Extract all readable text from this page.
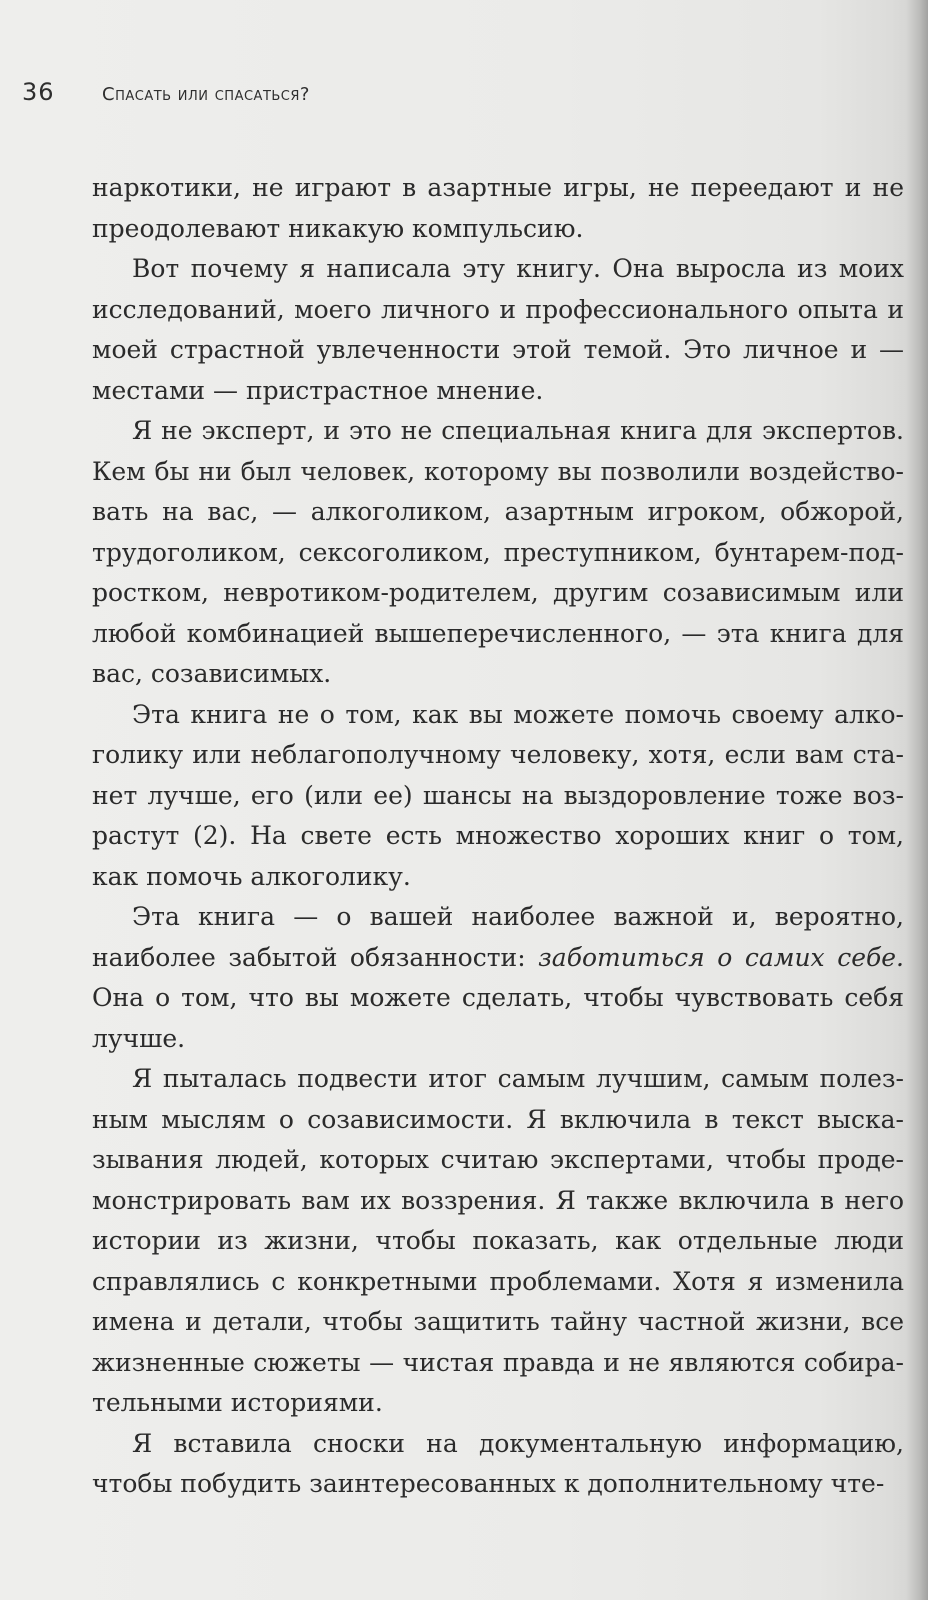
36	Спасать или спасаться?

наркотики, не играют в азартные игры, не переедают и не преодолевают никакую компульсию.

Вот почему я написала эту книгу. Она выросла из моих исследований, моего личного и профессионального опыта и моей страстной увлеченности этой темой. Это личное и — местами — пристрастное мнение.

Я не эксперт, и это не специальная книга для экспертов. Кем бы ни был человек, которому вы позволили воздействовать на вас, — алкоголиком, азартным игроком, обжорой, трудоголиком, сексоголиком, преступником, бунтарем-подростком, невротиком-родителем, другим созависимым или любой комбинацией вышеперечисленного, — эта книга для вас, созависимых.

Эта книга не о том, как вы можете помочь своему алкоголику или неблагополучному человеку, хотя, если вам станет лучше, его (или ее) шансы на выздоровление тоже возрастут (2). На свете есть множество хороших книг о том, как помочь алкоголику.

Эта книга — о вашей наиболее важной и, вероятно, наиболее забытой обязанности: заботиться о самих себе. Она о том, что вы можете сделать, чтобы чувствовать себя лучше.

Я пыталась подвести итог самым лучшим, самым полезным мыслям о созависимости. Я включила в текст высказывания людей, которых считаю экспертами, чтобы продемонстрировать вам их воззрения. Я также включила в него истории из жизни, чтобы показать, как отдельные люди справлялись с конкретными проблемами. Хотя я изменила имена и детали, чтобы защитить тайну частной жизни, все жизненные сюжеты — чистая правда и не являются собирательными историями.

Я вставила сноски на документальную информацию, чтобы побудить заинтересованных к дополнительному чте-
